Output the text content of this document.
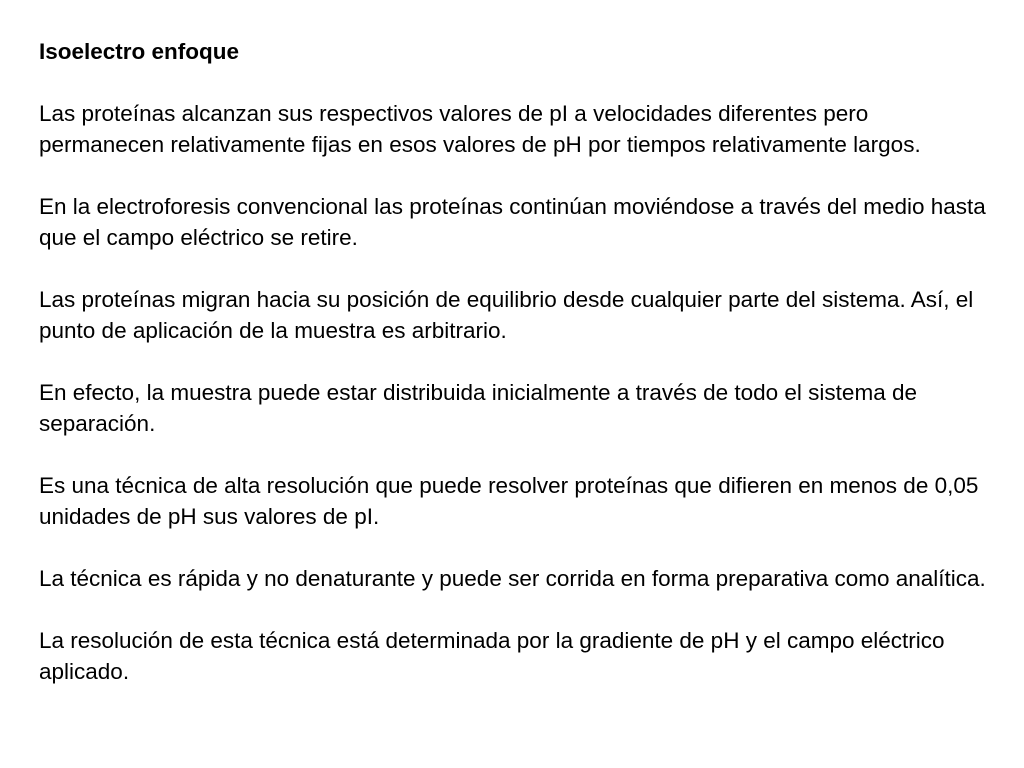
Isoelectro enfoque
Las proteínas alcanzan sus respectivos valores de pI a velocidades diferentes pero permanecen relativamente fijas en esos valores de pH por tiempos relativamente largos.
En la electroforesis convencional las proteínas continúan moviéndose a través del medio hasta que el campo eléctrico se retire.
Las proteínas migran hacia su posición de equilibrio desde cualquier parte del sistema. Así, el punto de aplicación de la muestra es arbitrario.
En efecto, la muestra puede estar distribuida inicialmente a través de todo el sistema de separación.
Es una técnica de alta resolución que puede resolver proteínas que difieren en menos de 0,05 unidades de pH sus valores de pI.
La técnica es rápida y no denaturante y puede ser corrida en forma preparativa como analítica.
La resolución de esta técnica está determinada por la gradiente de pH y el campo eléctrico aplicado.
